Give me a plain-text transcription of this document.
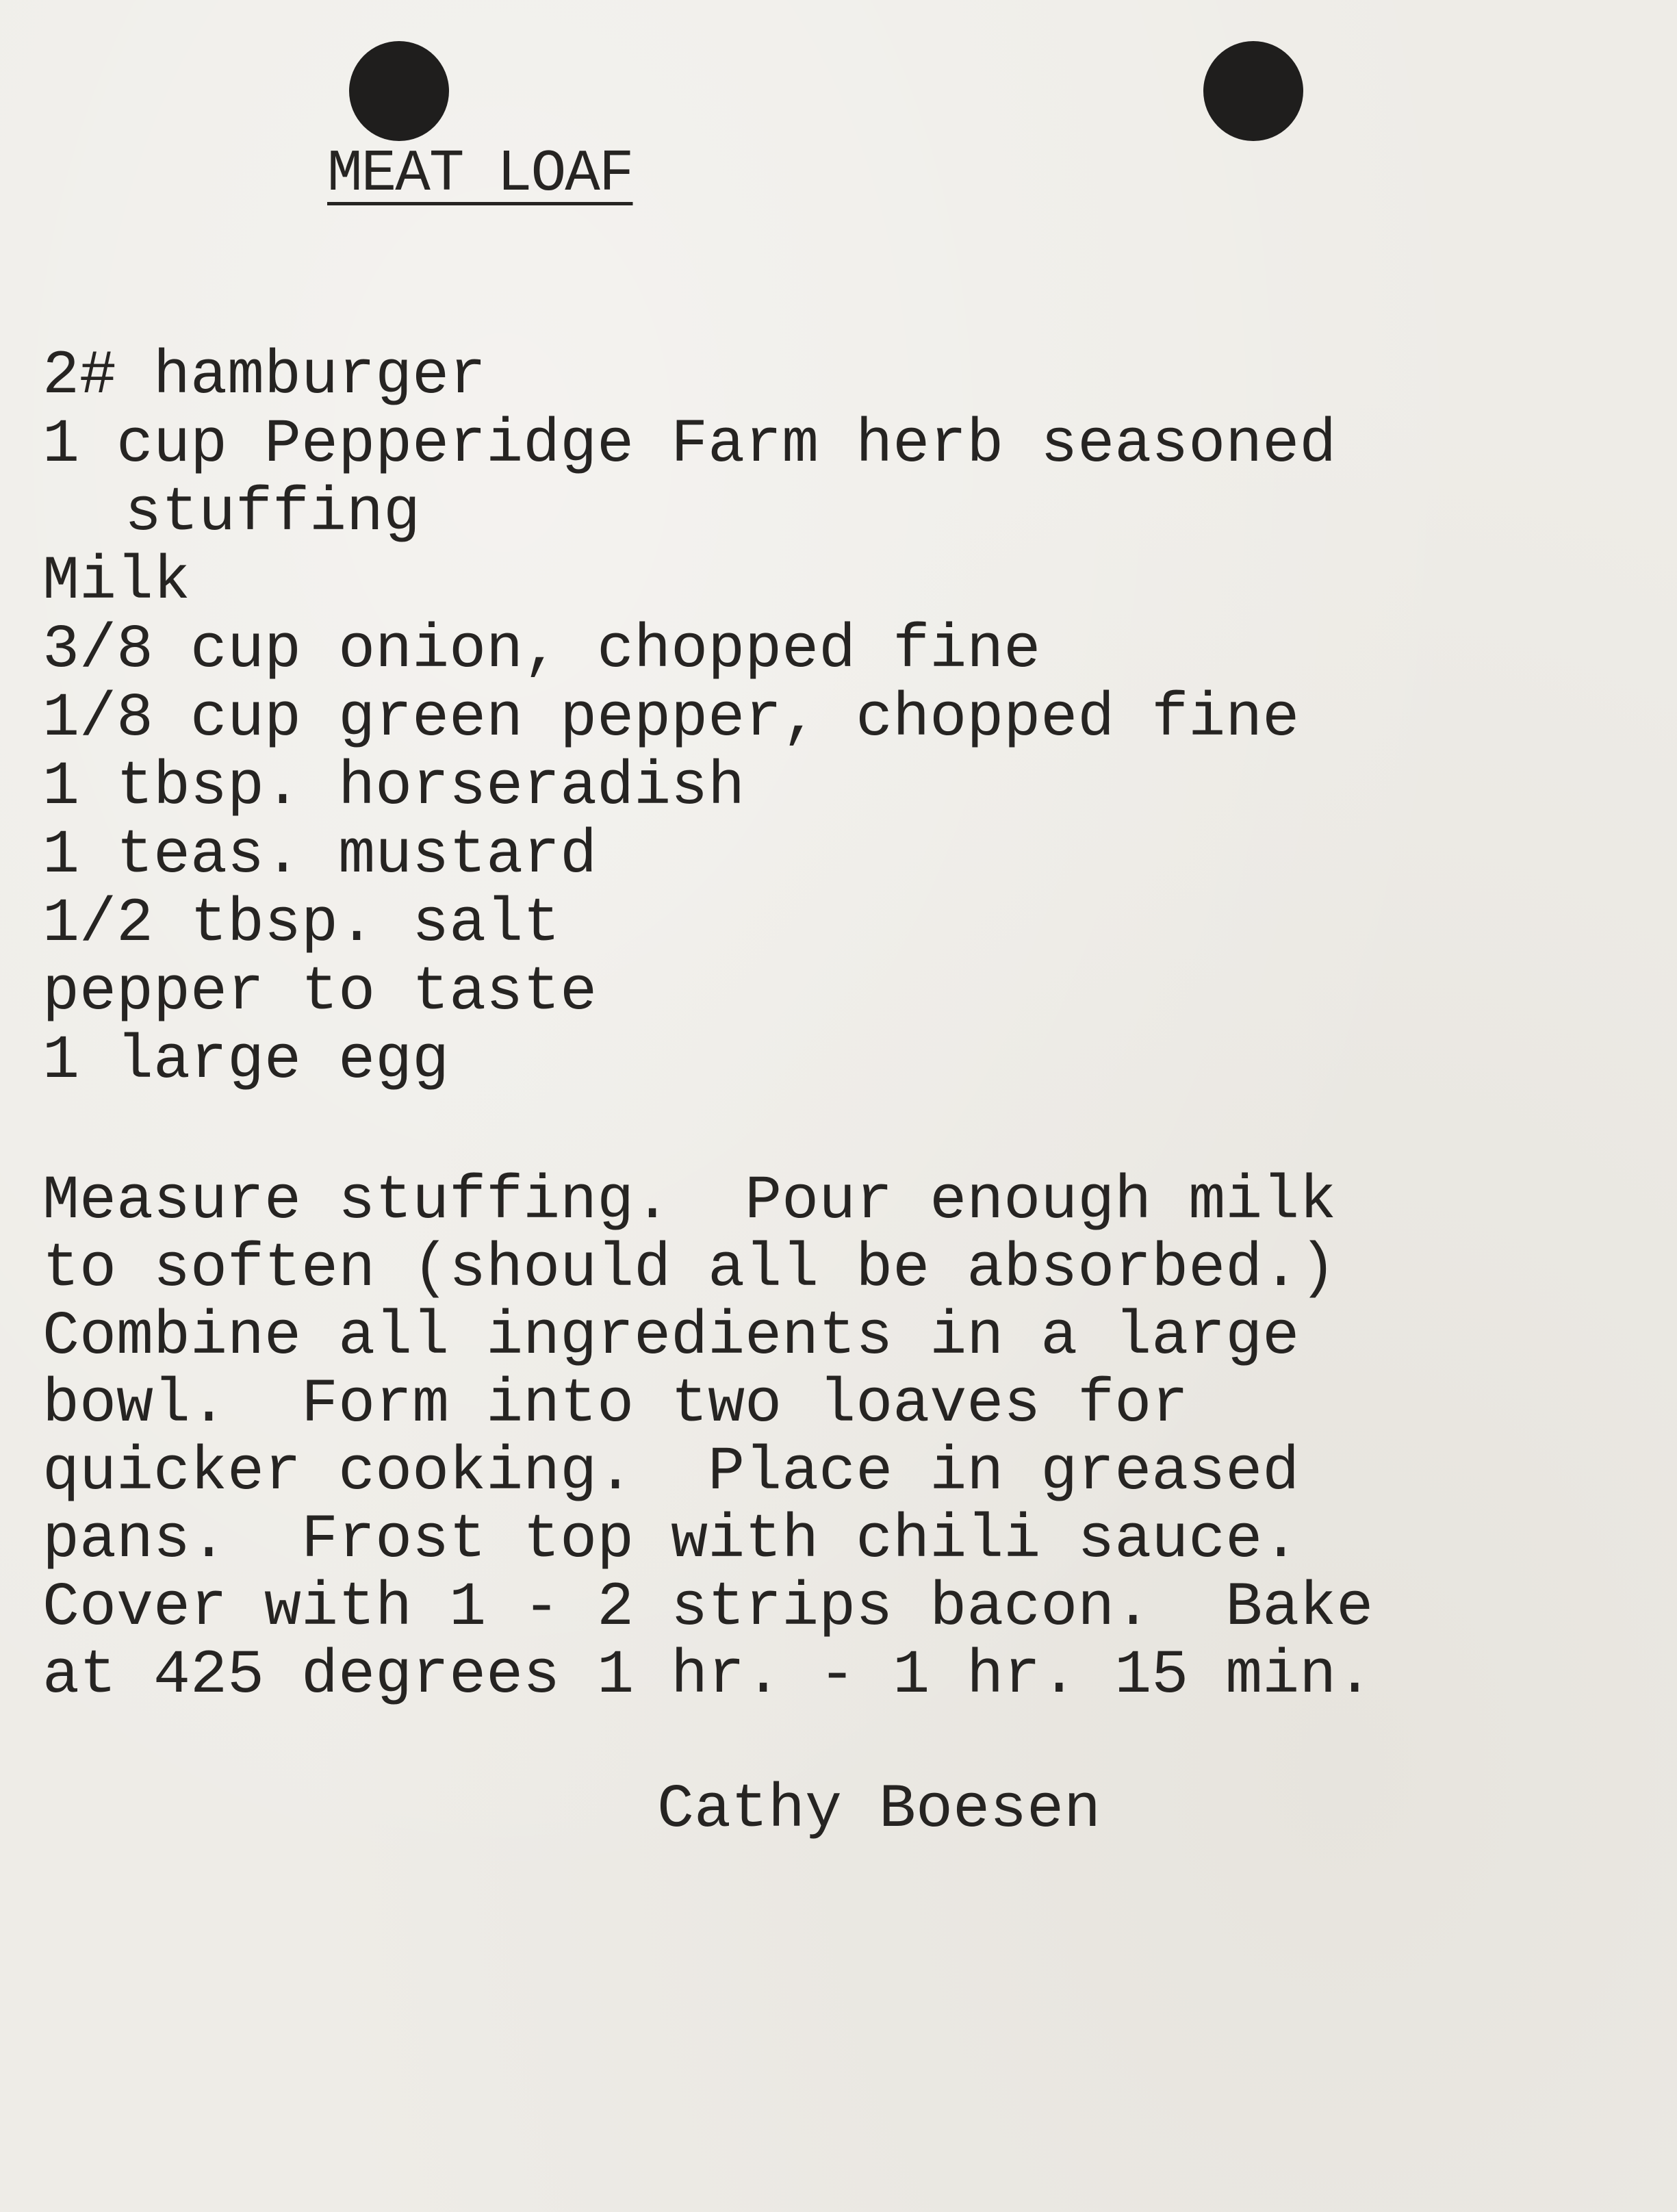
MEAT LOAF
2# hamburger
1 cup Pepperidge Farm herb seasoned
stuffing
Milk
3/8 cup onion, chopped fine
1/8 cup green pepper, chopped fine
1 tbsp. horseradish
1 teas. mustard
1/2 tbsp. salt
pepper to taste
1 large egg
Measure stuffing.  Pour enough milk
to soften (should all be absorbed.)
Combine all ingredients in a large
bowl.  Form into two loaves for
quicker cooking.  Place in greased
pans.  Frost top with chili sauce.
Cover with 1 - 2 strips bacon.  Bake
at 425 degrees 1 hr. - 1 hr. 15 min.
Cathy Boesen
